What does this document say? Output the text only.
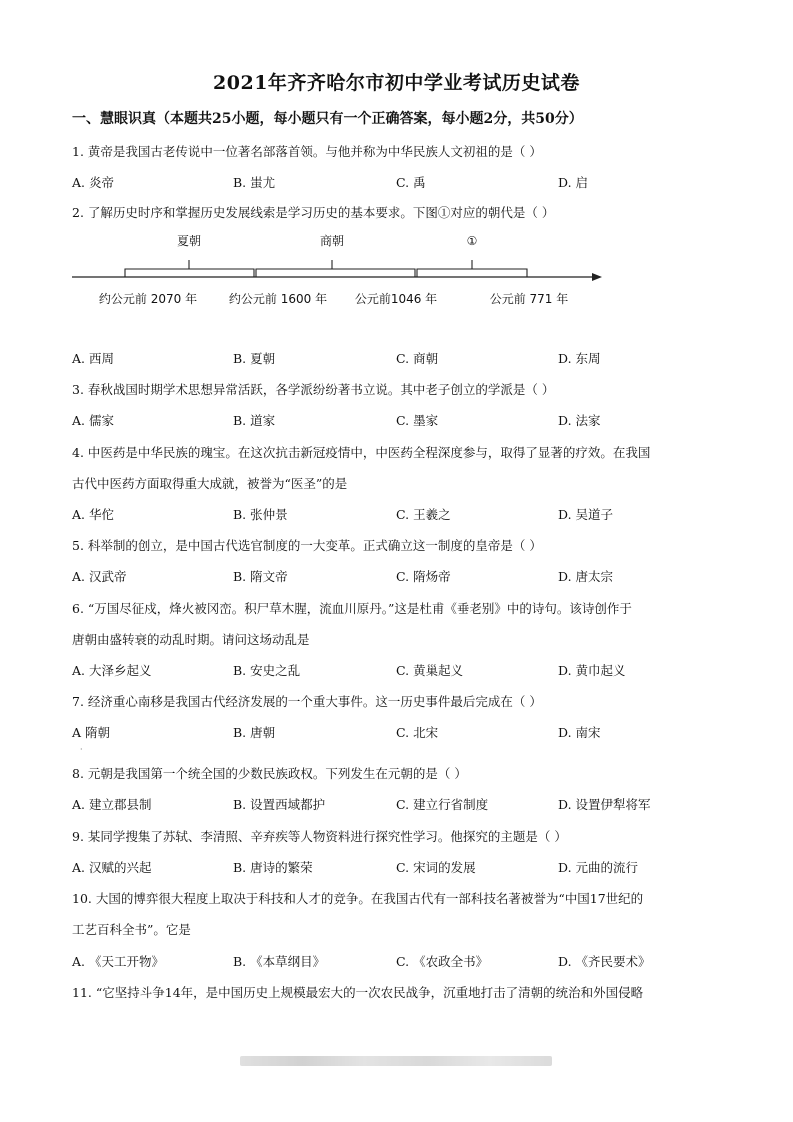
2021年齐齐哈尔市初中学业考试历史试卷
一、慧眼识真（本题共25小题，每小题只有一个正确答案，每小题2分，共50分）
1. 黄帝是我国古老传说中一位著名部落首领。与他并称为中华民族人文初祖的是（ ）
A. 炎帝	B. 蚩尤	C. 禹	D. 启
2. 了解历史时序和掌握历史发展线索是学习历史的基本要求。下图①对应的朝代是（ ）
夏朝	商朝	①
约公元前 2070 年	约公元前 1600 年 公元前1046 年	公元前 771 年
A. 西周	B. 夏朝	C. 商朝	D. 东周
3. 春秋战国时期学术思想异常活跃，各学派纷纷著书立说。其中老子创立的学派是（ ）
A. 儒家	B. 道家	C. 墨家	D. 法家
4. 中医药是中华民族的瑰宝。在这次抗击新冠疫情中，中医药全程深度参与，取得了显著的疗效。在我国
古代中医药方面取得重大成就，被誉为“医圣”的是
A. 华佗	B. 张仲景	C. 王羲之	D. 吴道子
5. 科举制的创立，是中国古代选官制度的一大变革。正式确立这一制度的皇帝是（ ）
A. 汉武帝	B. 隋文帝	C. 隋炀帝	D. 唐太宗
6. “万国尽征戍，烽火被冈峦。积尸草木腥，流血川原丹。”这是杜甫《垂老别》中的诗句。该诗创作于
唐朝由盛转衰的动乱时期。请问这场动乱是
A. 大泽乡起义	B. 安史之乱	C. 黄巢起义	D. 黄巾起义
7. 经济重心南移是我国古代经济发展的一个重大事件。这一历史事件最后完成在（ ）
A 隋朝	B. 唐朝	C. 北宋	D. 南宋
·
8. 元朝是我国第一个统全国的少数民族政权。下列发生在元朝的是（ ）
A. 建立郡县制	B. 设置西域都护	C. 建立行省制度	D. 设置伊犁将军
9. 某同学搜集了苏轼、李清照、辛弃疾等人物资料进行探究性学习。他探究的主题是（ ）
A. 汉赋的兴起	B. 唐诗的繁荣	C. 宋词的发展	D. 元曲的流行
10. 大国的博弈很大程度上取决于科技和人才的竞争。在我国古代有一部科技名著被誉为“中国17世纪的
工艺百科全书”。它是
A. 《天工开物》	B. 《本草纲目》	C. 《农政全书》	D. 《齐民要术》
11. “它坚持斗争14年，是中国历史上规模最宏大的一次农民战争，沉重地打击了清朝的统治和外国侵略
